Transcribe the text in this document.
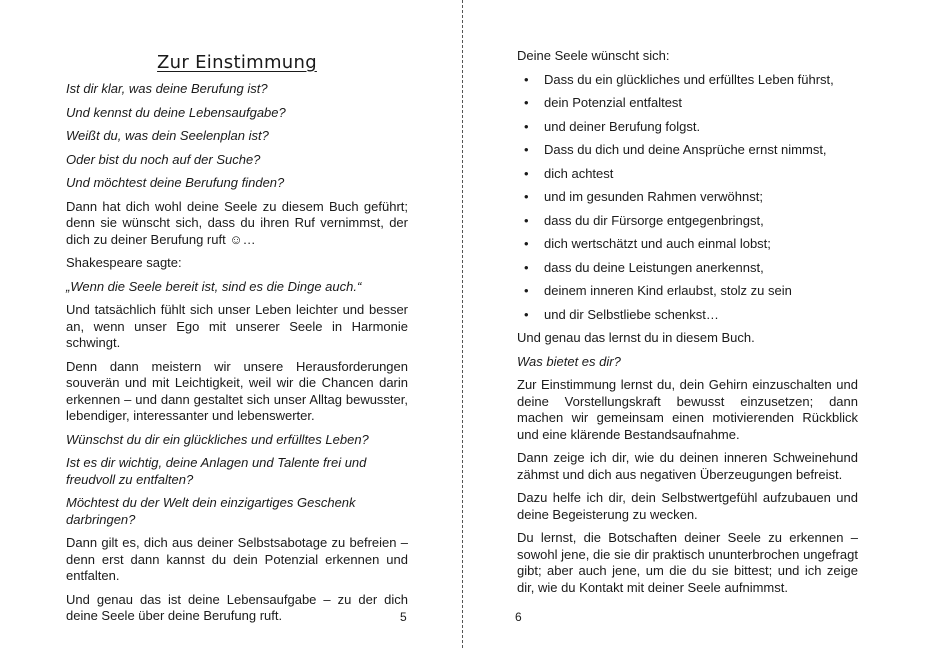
Zur Einstimmung

Ist dir klar, was deine Berufung ist?

Und kennst du deine Lebensaufgabe?

Weißt du, was dein Seelenplan ist?

Oder bist du noch auf der Suche?

Und möchtest deine Berufung finden?

Dann hat dich wohl deine Seele zu diesem Buch geführt; denn sie wünscht sich, dass du ihren Ruf vernimmst, der dich zu deiner Berufung ruft ☺…

Shakespeare sagte:

„Wenn die Seele bereit ist, sind es die Dinge auch.“

Und tatsächlich fühlt sich unser Leben leichter und besser an, wenn unser Ego mit unserer Seele in Harmonie schwingt.

Denn dann meistern wir unsere Herausforderungen souverän und mit Leichtigkeit, weil wir die Chancen darin erkennen – und dann gestaltet sich unser Alltag bewusster, lebendiger, interessanter und lebenswerter.

Wünschst du dir ein glückliches und erfülltes Leben?

Ist es dir wichtig, deine Anlagen und Talente frei und freudvoll zu entfalten?

Möchtest du der Welt dein einzigartiges Geschenk darbringen?

Dann gilt es, dich aus deiner Selbstsabotage zu befreien – denn erst dann kannst du dein Potenzial erkennen und entfalten.

Und genau das ist deine Lebensaufgabe – zu der dich deine Seele über deine Berufung ruft.	5

Deine Seele wünscht sich:

• Dass du ein glückliches und erfülltes Leben führst,
• dein Potenzial entfaltest
• und deiner Berufung folgst.
• Dass du dich und deine Ansprüche ernst nimmst,
• dich achtest
• und im gesunden Rahmen verwöhnst;
• dass du dir Fürsorge entgegenbringst,
• dich wertschätzt und auch einmal lobst;
• dass du deine Leistungen anerkennst,
• deinem inneren Kind erlaubst, stolz zu sein
• und dir Selbstliebe schenkst…

Und genau das lernst du in diesem Buch.

Was bietet es dir?

Zur Einstimmung lernst du, dein Gehirn einzuschalten und deine Vorstellungskraft bewusst einzusetzen; dann machen wir gemeinsam einen motivierenden Rückblick und eine klärende Bestandsaufnahme.

Dann zeige ich dir, wie du deinen inneren Schweinehund zähmst und dich aus negativen Überzeugungen befreist.

Dazu helfe ich dir, dein Selbstwertgefühl aufzubauen und deine Begeisterung zu wecken.

Du lernst, die Botschaften deiner Seele zu erkennen – sowohl jene, die sie dir praktisch ununterbrochen ungefragt gibt; aber auch jene, um die du sie bittest; und ich zeige dir, wie du Kontakt mit deiner Seele aufnimmst.

6
